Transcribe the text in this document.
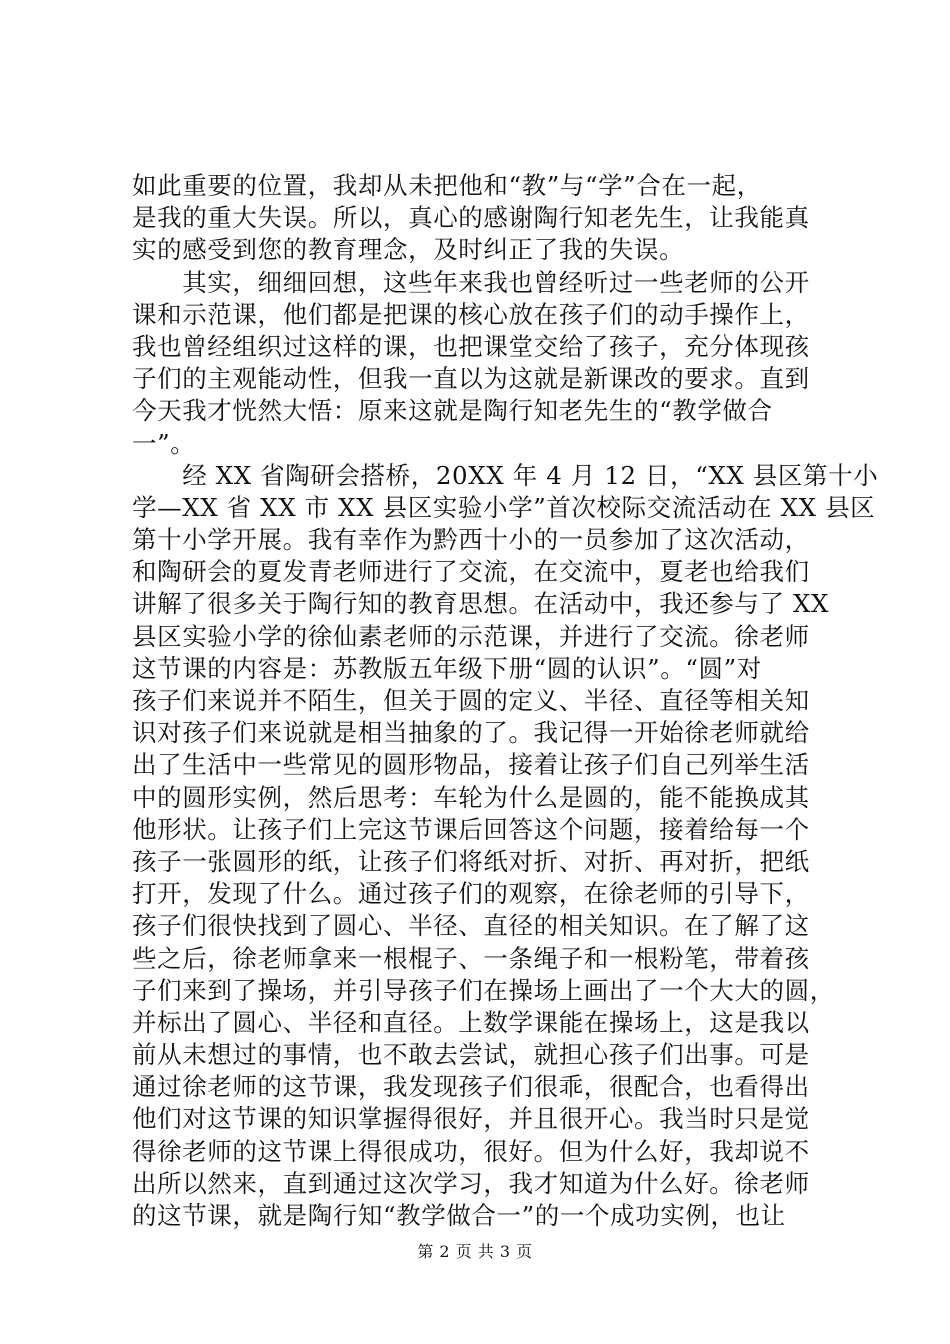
如此重要的位置，我却从未把他和“教”与“学”合在一起，
是我的重大失误。所以，真心的感谢陶行知老先生，让我能真
实的感受到您的教育理念，及时纠正了我的失误。
　　其实，细细回想，这些年来我也曾经听过一些老师的公开
课和示范课，他们都是把课的核心放在孩子们的动手操作上，
我也曾经组织过这样的课，也把课堂交给了孩子，充分体现孩
子们的主观能动性，但我一直以为这就是新课改的要求。直到
今天我才恍然大悟：原来这就是陶行知老先生的“教学做合
一”。
　　经 XX 省陶研会搭桥，20XX 年 4 月 12 日，“XX 县区第十小
学—XX 省 XX 市 XX 县区实验小学”首次校际交流活动在 XX 县区
第十小学开展。我有幸作为黔西十小的一员参加了这次活动，
和陶研会的夏发青老师进行了交流，在交流中，夏老也给我们
讲解了很多关于陶行知的教育思想。在活动中，我还参与了 XX
县区实验小学的徐仙素老师的示范课，并进行了交流。徐老师
这节课的内容是：苏教版五年级下册“圆的认识”。“圆”对
孩子们来说并不陌生，但关于圆的定义、半径、直径等相关知
识对孩子们来说就是相当抽象的了。我记得一开始徐老师就给
出了生活中一些常见的圆形物品，接着让孩子们自己列举生活
中的圆形实例，然后思考：车轮为什么是圆的，能不能换成其
他形状。让孩子们上完这节课后回答这个问题，接着给每一个
孩子一张圆形的纸，让孩子们将纸对折、对折、再对折，把纸
打开，发现了什么。通过孩子们的观察，在徐老师的引导下，
孩子们很快找到了圆心、半径、直径的相关知识。在了解了这
些之后，徐老师拿来一根棍子、一条绳子和一根粉笔，带着孩
子们来到了操场，并引导孩子们在操场上画出了一个大大的圆，
并标出了圆心、半径和直径。上数学课能在操场上，这是我以
前从未想过的事情，也不敢去尝试，就担心孩子们出事。可是
通过徐老师的这节课，我发现孩子们很乖，很配合，也看得出
他们对这节课的知识掌握得很好，并且很开心。我当时只是觉
得徐老师的这节课上得很成功，很好。但为什么好，我却说不
出所以然来，直到通过这次学习，我才知道为什么好。徐老师
的这节课，就是陶行知“教学做合一”的一个成功实例，也让
第 2 页 共 3 页
